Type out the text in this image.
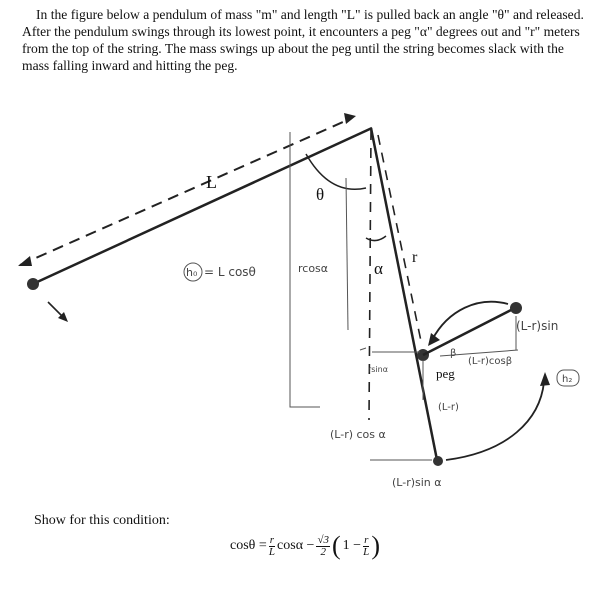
In the figure below a pendulum of mass "m" and length "L" is pulled back an angle "θ" and released. After the pendulum swings through its lowest point, it encounters a peg "α" degrees out and "r" meters from the top of the string. The mass swings up about the peg until the string becomes slack with the mass falling inward and hitting the peg.

L
θ
α
r
peg
h₀ = L cosθ	rcosα
rsinα
(L-r) cos α
(L-r)
(L-r)sin α
(L-r)sin
(L-r)cosβ
β
h₂
Show for this condition:
$\cos\theta = \frac{r}{L}$ $\cos\alpha - \frac{√3}{2}$ ( $1 - \frac{r}{L}$ )
